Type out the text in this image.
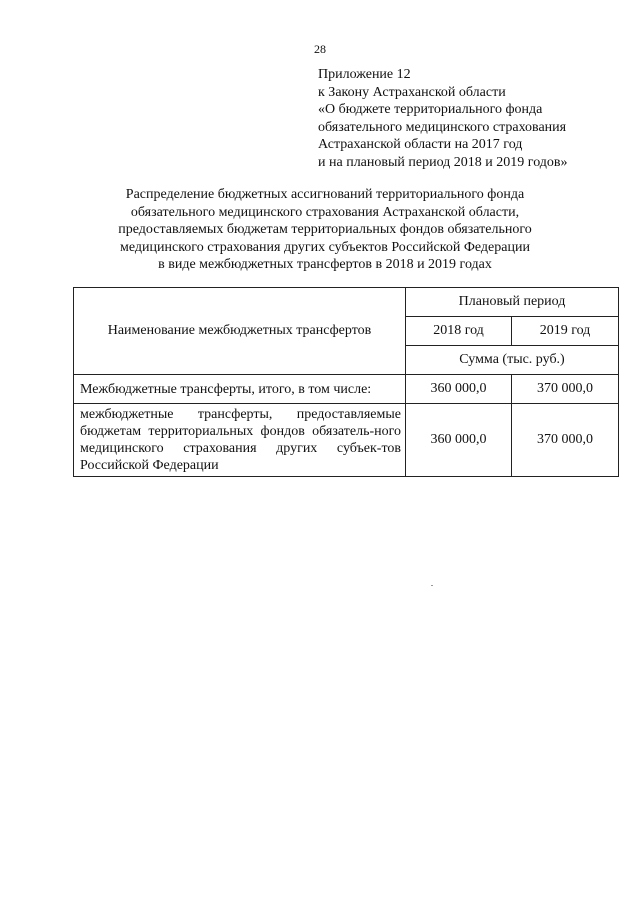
28
Приложение 12
к Закону Астраханской области
«О бюджете территориального фонда
обязательного медицинского страхования
Астраханской области на 2017 год
и на плановый период 2018 и 2019 годов»
Распределение бюджетных ассигнований территориального фонда
обязательного медицинского страхования Астраханской области,
предоставляемых бюджетам территориальных фондов обязательного
медицинского страхования других субъектов Российской Федерации
в виде межбюджетных трансфертов в 2018 и 2019 годах
Наименование межбюджетных трансфертов	Плановый период	
	2018 год	2019 год
	Сумма (тыс. руб.)	
Межбюджетные трансферты, итого, в том числе:	360 000,0	370 000,0
межбюджетные трансферты, предоставляемые бюджетам территориальных фондов обязатель-ного медицинского страхования других субъек-тов Российской Федерации	360 000,0	370 000,0
